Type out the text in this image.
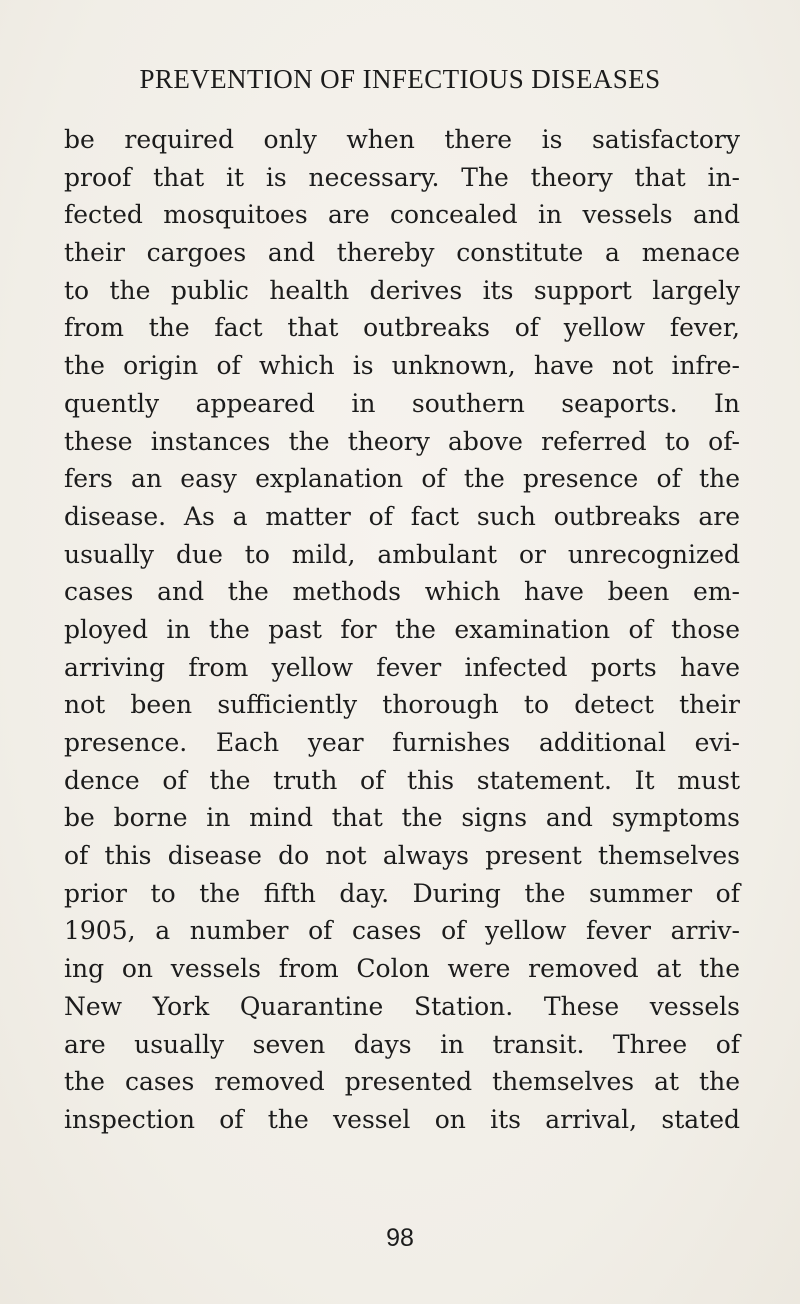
PREVENTION OF INFECTIOUS DISEASES
be required only when there is satisfactory
proof that it is necessary. The theory that in-
fected mosquitoes are concealed in vessels and
their cargoes and thereby constitute a menace
to the public health derives its support largely
from the fact that outbreaks of yellow fever,
the origin of which is unknown, have not infre-
quently appeared in southern seaports. In
these instances the theory above referred to of-
fers an easy explanation of the presence of the
disease. As a matter of fact such outbreaks are
usually due to mild, ambulant or unrecognized
cases and the methods which have been em-
ployed in the past for the examination of those
arriving from yellow fever infected ports have
not been sufficiently thorough to detect their
presence. Each year furnishes additional evi-
dence of the truth of this statement. It must
be borne in mind that the signs and symptoms
of this disease do not always present themselves
prior to the fifth day. During the summer of
1905, a number of cases of yellow fever arriv-
ing on vessels from Colon were removed at the
New York Quarantine Station. These vessels
are usually seven days in transit. Three of
the cases removed presented themselves at the
inspection of the vessel on its arrival, stated
98
